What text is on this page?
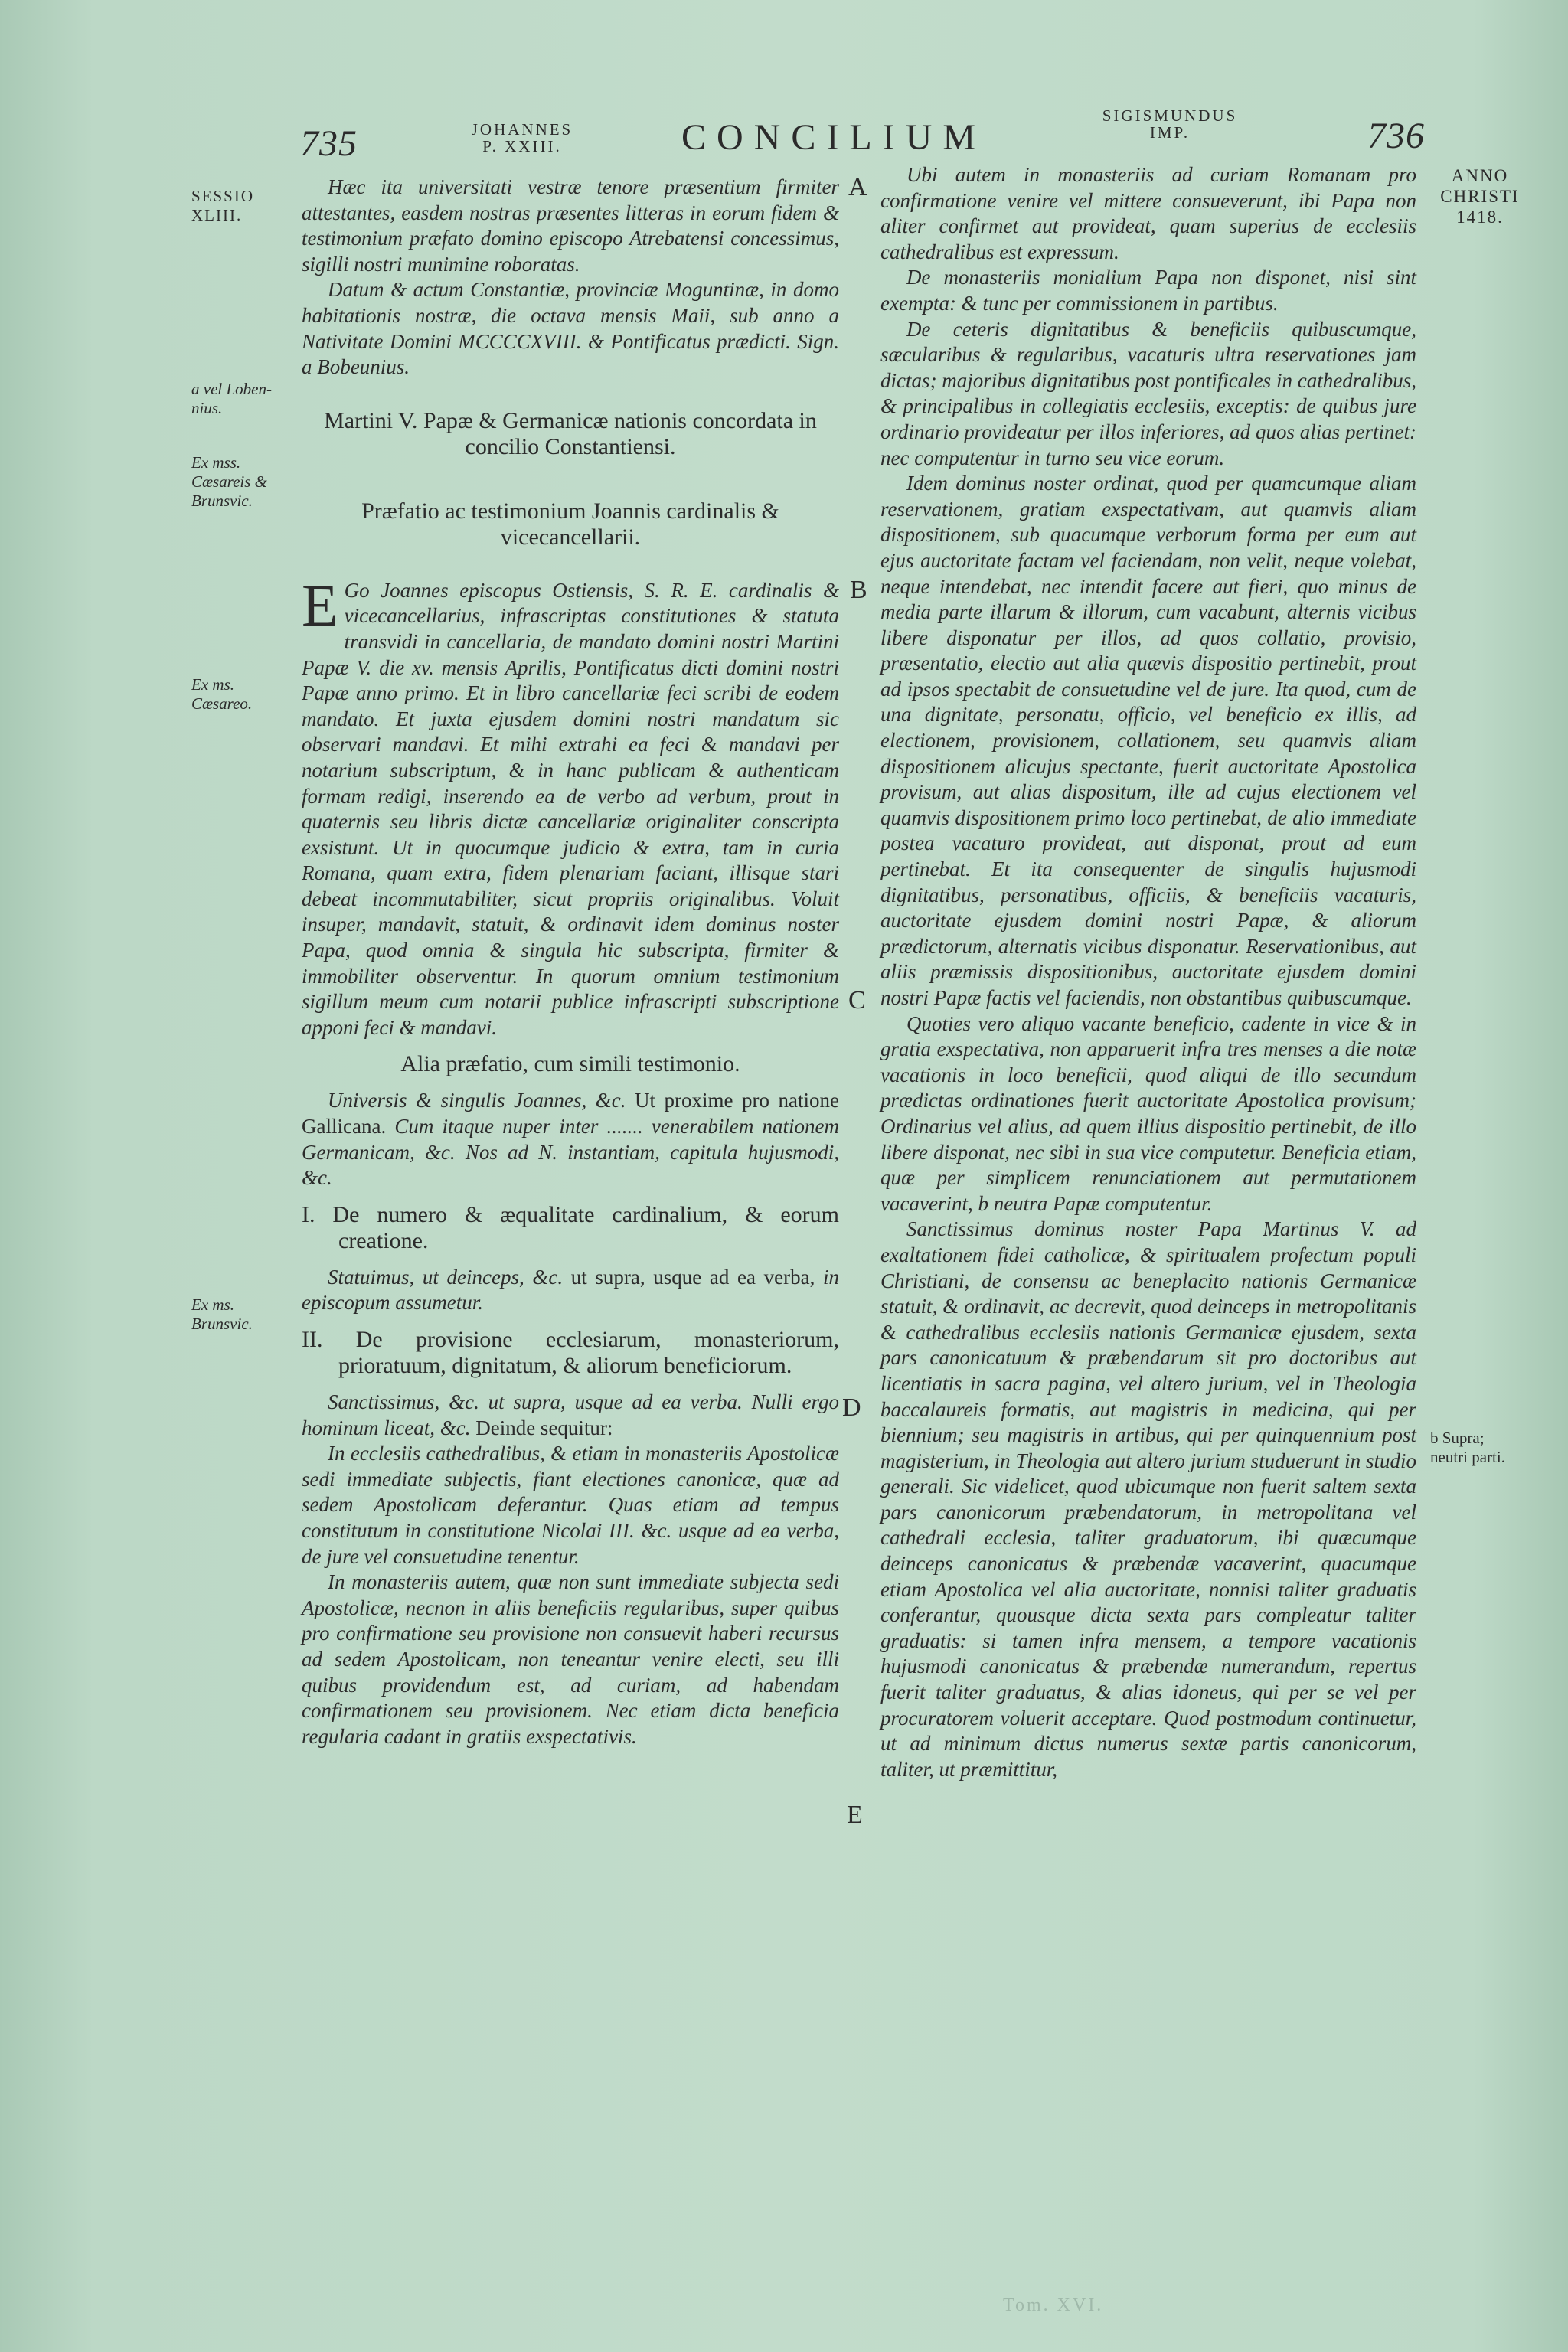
735	JOHANNES
P. XXIII.	CONCILIUM
SIGISMUNDUS
IMP.	736
SESSIO XLIII.
a vel Loben-nius.
Ex mss. Cæsareis & Brunsvic.
Ex ms. Cæsareo.
Ex ms. Brunsvic.
ANNO CHRISTI 1418.
b Supra; neutri parti.
A
B
C
D
E

Hæc ita universitati vestræ tenore præsentium firmiter attestantes, easdem nostras præsentes litteras in eorum fidem & testimonium præfato domino episcopo Atrebatensi concessimus, sigilli nostri munimine roboratas.

Datum & actum Constantiæ, provinciæ Moguntinæ, in domo habitationis nostræ, die octava mensis Maii, sub anno a Nativitate Domini MCCCCXVIII. & Pontificatus prædicti. Sign. a Bobeunius.

Martini V. Papæ & Germanicæ nationis concordata in concilio Constantiensi.

Præfatio ac testimonium Joannis cardinalis & vicecancellarii.

E Go Joannes episcopus Ostiensis, S. R. E. cardinalis & vicecancellarius, infrascriptas constitutiones & statuta transvidi in cancellaria, de mandato domini nostri Martini Papæ V. die xv. mensis Aprilis, Pontificatus dicti domini nostri Papæ anno primo. Et in libro cancellariæ feci scribi de eodem mandato. Et juxta ejusdem domini nostri mandatum sic observari mandavi. Et mihi extrahi ea feci & mandavi per notarium subscriptum, & in hanc publicam & authenticam formam redigi, inserendo ea de verbo ad verbum, prout in quaternis seu libris dictæ cancellariæ originaliter conscripta exsistunt. Ut in quocumque judicio & extra, tam in curia Romana, quam extra, fidem plenariam faciant, illisque stari debeat incommutabiliter, sicut propriis originalibus. Voluit insuper, mandavit, statuit, & ordinavit idem dominus noster Papa, quod omnia & singula hic subscripta, firmiter & immobiliter observentur. In quorum omnium testimonium sigillum meum cum notarii publice infrascripti subscriptione apponi feci & mandavi.

Alia præfatio, cum simili testimonio.

Universis & singulis Joannes, &c. Ut proxime pro natione Gallicana. Cum itaque nuper inter ....... venerabilem nationem Germanicam, &c. Nos ad N. instantiam, capitula hujusmodi, &c.

I. De numero & æqualitate cardinalium, & eorum creatione.

Statuimus, ut deinceps, &c. ut supra, usque ad ea verba, in episcopum assumetur.

II. De provisione ecclesiarum, monasteriorum, prioratuum, dignitatum, & aliorum beneficiorum.

Sanctissimus, &c. ut supra, usque ad ea verba. Nulli ergo hominum liceat, &c. Deinde sequitur:

In ecclesiis cathedralibus, & etiam in monasteriis Apostolicæ sedi immediate subjectis, fiant electiones canonicæ, quæ ad sedem Apostolicam deferantur. Quas etiam ad tempus constitutum in constitutione Nicolai III. &c. usque ad ea verba, de jure vel consuetudine tenentur.

In monasteriis autem, quæ non sunt immediate subjecta sedi Apostolicæ, necnon in aliis beneficiis regularibus, super quibus pro confirmatione seu provisione non consuevit haberi recursus ad sedem Apostolicam, non teneantur venire electi, seu illi quibus providendum est, ad curiam, ad habendam confirmationem seu provisionem. Nec etiam dicta beneficia regularia cadant in gratiis exspectativis.

Ubi autem in monasteriis ad curiam Romanam pro confirmatione venire vel mittere consueverunt, ibi Papa non aliter confirmet aut provideat, quam superius de ecclesiis cathedralibus est expressum.

De monasteriis monialium Papa non disponet, nisi sint exempta: & tunc per commissionem in partibus.

De ceteris dignitatibus & beneficiis quibuscumque, sæcularibus & regularibus, vacaturis ultra reservationes jam dictas; majoribus dignitatibus post pontificales in cathedralibus, & principalibus in collegiatis ecclesiis, exceptis: de quibus jure ordinario provideatur per illos inferiores, ad quos alias pertinet: nec computentur in turno seu vice eorum.

Idem dominus noster ordinat, quod per quamcumque aliam reservationem, gratiam exspectativam, aut quamvis aliam dispositionem, sub quacumque verborum forma per eum aut ejus auctoritate factam vel faciendam, non velit, neque volebat, neque intendebat, nec intendit facere aut fieri, quo minus de media parte illarum & illorum, cum vacabunt, alternis vicibus libere disponatur per illos, ad quos collatio, provisio, præsentatio, electio aut alia quævis dispositio pertinebit, prout ad ipsos spectabit de consuetudine vel de jure. Ita quod, cum de una dignitate, personatu, officio, vel beneficio ex illis, ad electionem, provisionem, collationem, seu quamvis aliam dispositionem alicujus spectante, fuerit auctoritate Apostolica provisum, aut alias dispositum, ille ad cujus electionem vel quamvis dispositionem primo loco pertinebat, de alio immediate postea vacaturo provideat, aut disponat, prout ad eum pertinebat. Et ita consequenter de singulis hujusmodi dignitatibus, personatibus, officiis, & beneficiis vacaturis, auctoritate ejusdem domini nostri Papæ, & aliorum prædictorum, alternatis vicibus disponatur. Reservationibus, aut aliis præmissis dispositionibus, auctoritate ejusdem domini nostri Papæ factis vel faciendis, non obstantibus quibuscumque.

Quoties vero aliquo vacante beneficio, cadente in vice & in gratia exspectativa, non apparuerit infra tres menses a die notæ vacationis in loco beneficii, quod aliqui de illo secundum prædictas ordinationes fuerit auctoritate Apostolica provisum; Ordinarius vel alius, ad quem illius dispositio pertinebit, de illo libere disponat, nec sibi in sua vice computetur. Beneficia etiam, quæ per simplicem renunciationem aut permutationem vacaverint, b neutra Papæ computentur.

Sanctissimus dominus noster Papa Martinus V. ad exaltationem fidei catholicæ, & spiritualem profectum populi Christiani, de consensu ac beneplacito nationis Germanicæ statuit, & ordinavit, ac decrevit, quod deinceps in metropolitanis & cathedralibus ecclesiis nationis Germanicæ ejusdem, sexta pars canonicatuum & præbendarum sit pro doctoribus aut licentiatis in sacra pagina, vel altero jurium, vel in Theologia baccalaureis formatis, aut magistris in medicina, qui per biennium; seu magistris in artibus, qui per quinquennium post magisterium, in Theologia aut altero jurium studuerunt in studio generali. Sic videlicet, quod ubicumque non fuerit saltem sexta pars canonicorum præbendatorum, in metropolitana vel cathedrali ecclesia, taliter graduatorum, ibi quæcumque deinceps canonicatus & præbendæ vacaverint, quacumque etiam Apostolica vel alia auctoritate, nonnisi taliter graduatis conferantur, quousque dicta sexta pars compleatur taliter graduatis: si tamen infra mensem, a tempore vacationis hujusmodi canonicatus & præbendæ numerandum, repertus fuerit taliter graduatus, & alias idoneus, qui per se vel per procuratorem voluerit acceptare. Quod postmodum continuetur, ut ad minimum dictus numerus sextæ partis canonicorum, taliter, ut præmittitur,

Tom. XVI.
